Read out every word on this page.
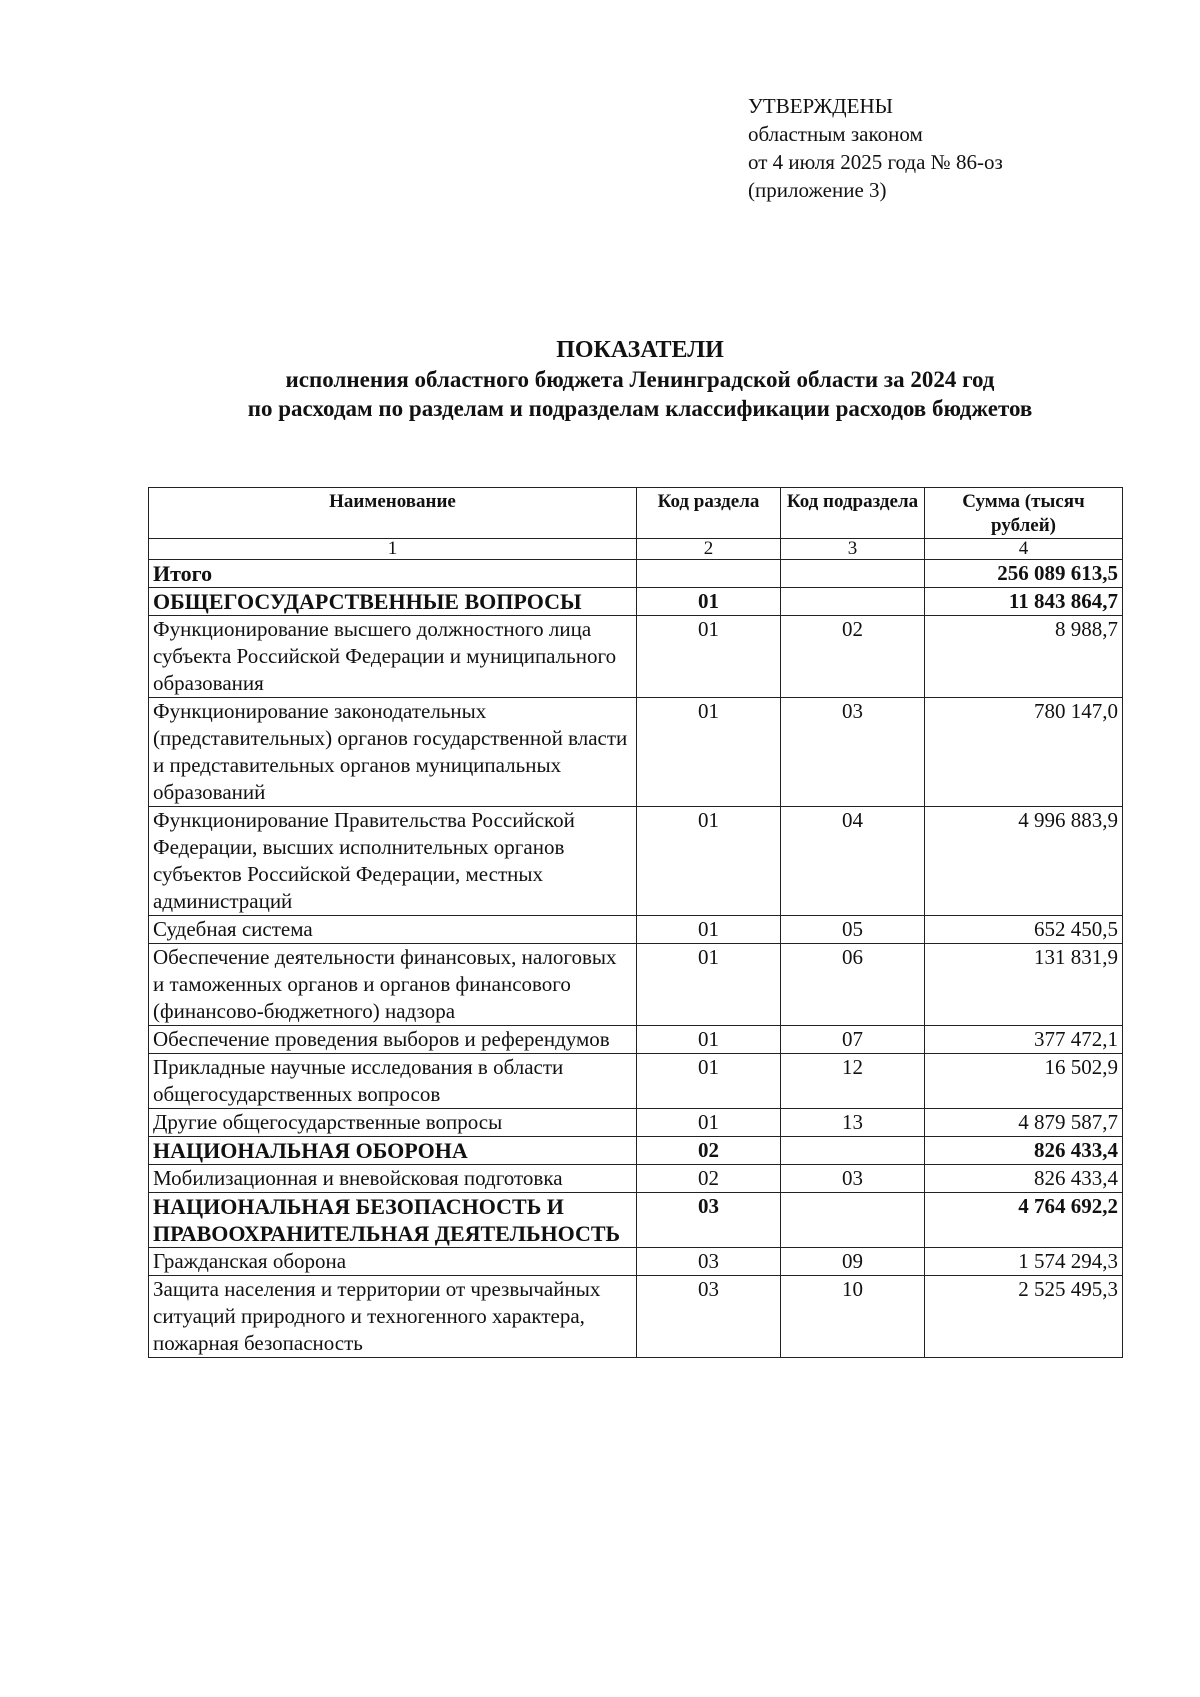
УТВЕРЖДЕНЫ
областным законом
от 4 июля 2025 года № 86-оз
(приложение 3)
ПОКАЗАТЕЛИ
исполнения областного бюджета Ленинградской области за 2024 год
по расходам по разделам и подразделам классификации расходов бюджетов
Наименование	Код раздела	Код подраздела	Сумма (тысяч рублей)
1	2	3	4
Итого			256 089 613,5
ОБЩЕГОСУДАРСТВЕННЫЕ ВОПРОСЫ	01		11 843 864,7
Функционирование высшего должностного лица субъекта Российской Федерации и муниципального образования	01	02	8 988,7
Функционирование законодательных (представительных) органов государственной власти и представительных органов муниципальных образований	01	03	780 147,0
Функционирование Правительства Российской Федерации, высших исполнительных органов субъектов Российской Федерации, местных администраций	01	04	4 996 883,9
Судебная система	01	05	652 450,5
Обеспечение деятельности финансовых, налоговых и таможенных органов и органов финансового (финансово-бюджетного) надзора	01	06	131 831,9
Обеспечение проведения выборов и референдумов	01	07	377 472,1
Прикладные научные исследования в области общегосударственных вопросов	01	12	16 502,9
Другие общегосударственные вопросы	01	13	4 879 587,7
НАЦИОНАЛЬНАЯ ОБОРОНА	02		826 433,4
Мобилизационная и вневойсковая подготовка	02	03	826 433,4
НАЦИОНАЛЬНАЯ БЕЗОПАСНОСТЬ И ПРАВООХРАНИТЕЛЬНАЯ ДЕЯТЕЛЬНОСТЬ	03		4 764 692,2
Гражданская оборона	03	09	1 574 294,3
Защита населения и территории от чрезвычайных ситуаций природного и техногенного характера, пожарная безопасность	03	10	2 525 495,3
